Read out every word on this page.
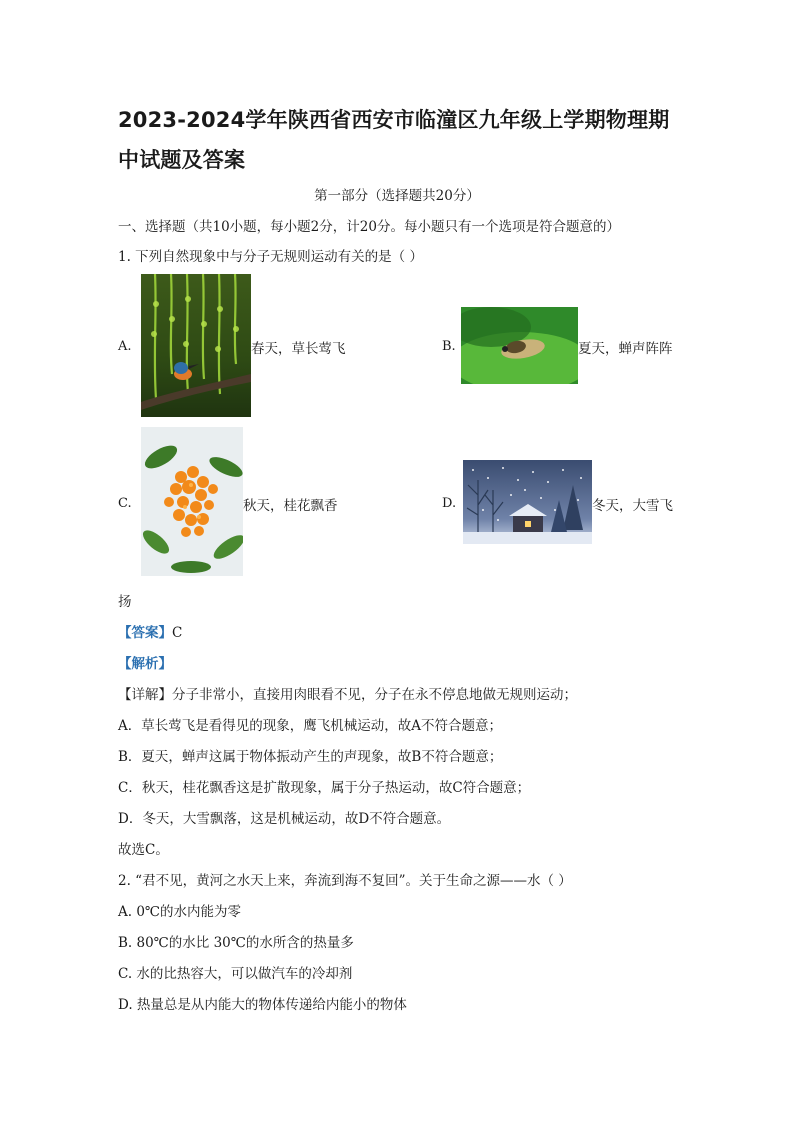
2023-2024学年陕西省西安市临潼区九年级上学期物理期中试题及答案
第一部分（选择题共20分）
一、选择题（共10小题，每小题2分，计20分。每小题只有一个选项是符合题意的）
1. 下列自然现象中与分子无规则运动有关的是（ ）
A.	春天，草长莺飞	B.	夏天，蝉声阵阵
C.	秋天，桂花飘香	D.	冬天，大雪飞
扬
【答案】C
【解析】
【详解】分子非常小，直接用肉眼看不见，分子在永不停息地做无规则运动；
A．草长莺飞是看得见的现象，鹰飞机械运动，故A不符合题意；
B．夏天，蝉声这属于物体振动产生的声现象，故B不符合题意；
C．秋天，桂花飘香这是扩散现象，属于分子热运动，故C符合题意；
D．冬天，大雪飘落，这是机械运动，故D不符合题意。
故选C。
2. “君不见，黄河之水天上来，奔流到海不复回”。关于生命之源——水（ ）
A. 0℃的水内能为零
B. 80℃的水比 30℃的水所含的热量多
C. 水的比热容大，可以做汽车的冷却剂
D. 热量总是从内能大的物体传递给内能小的物体
